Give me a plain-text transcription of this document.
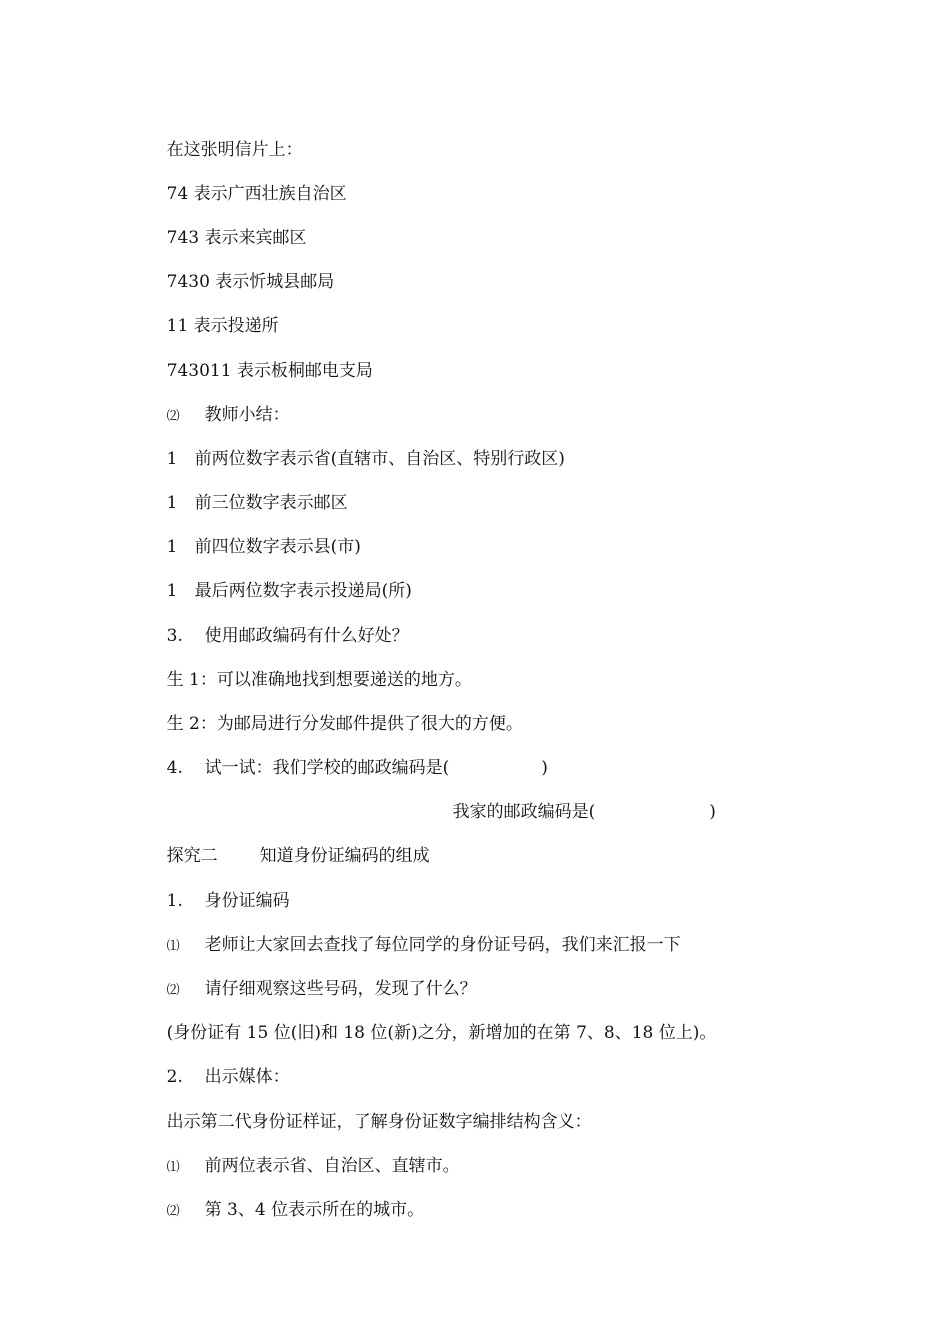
在这张明信片上：

74 表示广西壮族自治区

743 表示来宾邮区

7430 表示忻城县邮局

11 表示投递所

743011 表示板桐邮电支局

⑵ 教师小结：

1 前两位数字表示省(直辖市、自治区、特别行政区)

1 前三位数字表示邮区

1 前四位数字表示县(市)

1 最后两位数字表示投递局(所)

3. 使用邮政编码有什么好处？

生 1：可以准确地找到想要递送的地方。

生 2：为邮局进行分发邮件提供了很大的方便。

4. 试一试：我们学校的邮政编码是(	)

我家的邮政编码是(	)

探究二 知道身份证编码的组成

1. 身份证编码

⑴ 老师让大家回去查找了每位同学的身份证号码，我们来汇报一下

⑵ 请仔细观察这些号码，发现了什么？

(身份证有 15 位(旧)和 18 位(新)之分，新增加的在第 7、8、18 位上)。

2. 出示媒体：

出示第二代身份证样证，了解身份证数字编排结构含义：

⑴ 前两位表示省、自治区、直辖市。

⑵ 第 3、4 位表示所在的城市。
